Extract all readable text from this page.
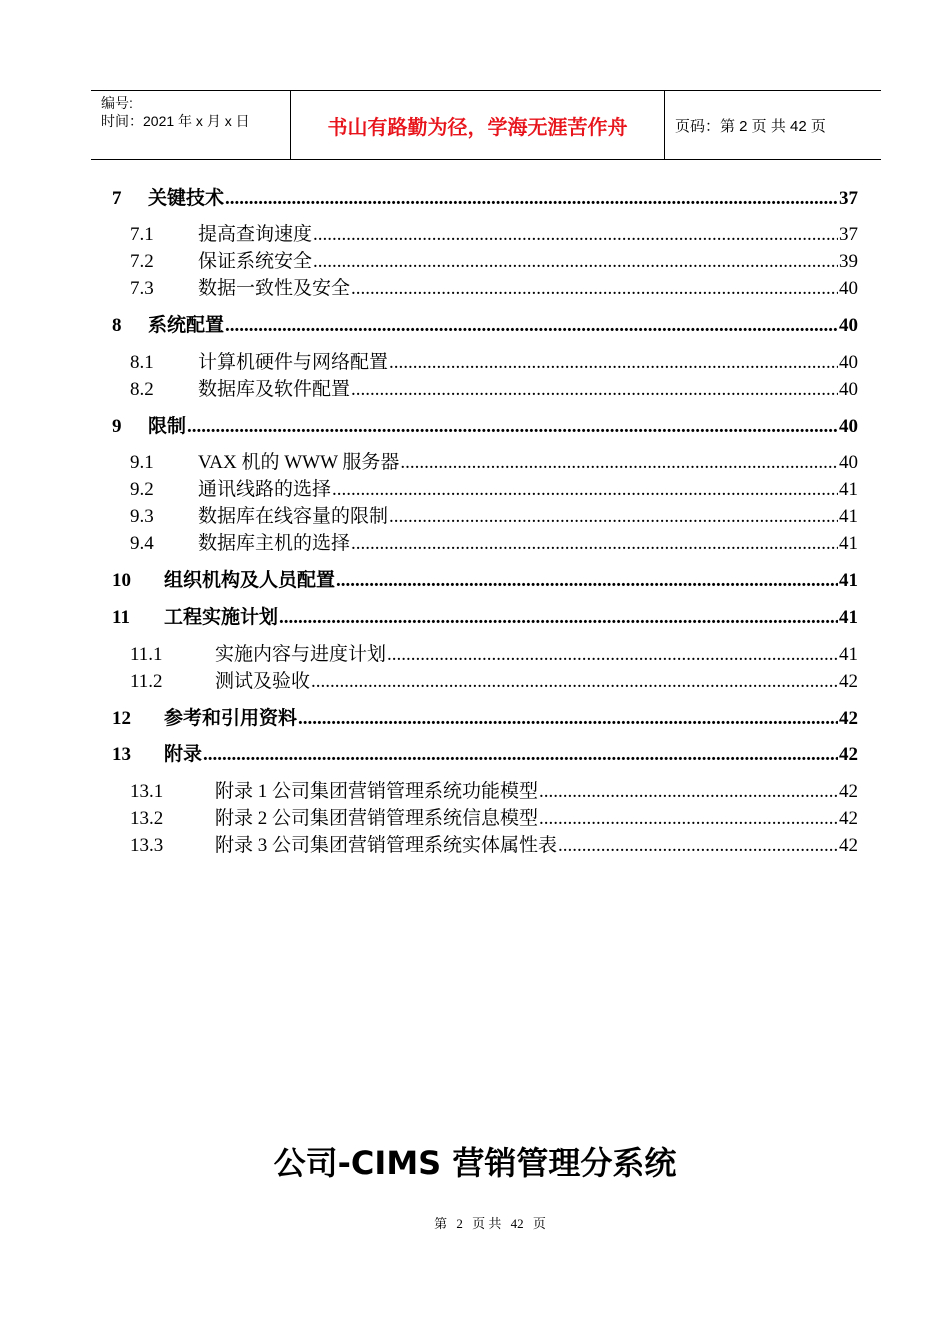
编号:
时间：2021 年 x 月 x 日	书山有路勤为径，学海无涯苦作舟	页码：第 2 页 共 42 页
7	关键技术 .....	37
7.1	提高查询速度 .....	37
7.2	保证系统安全 .....	39
7.3	数据一致性及安全 .....	40
8	系统配置 .....	40
8.1	计算机硬件与网络配置 .....	40
8.2	数据库及软件配置 .....	40
9	限制 .....	40
9.1	VAX 机的 WWW 服务器 .....	40
9.2	通讯线路的选择 .....	41
9.3	数据库在线容量的限制 .....	41
9.4	数据库主机的选择 .....	41
10	组织机构及人员配置 .....	41
11	工程实施计划 .....	41
11.1	实施内容与进度计划 .....	41
11.2	测试及验收 .....	42
12	参考和引用资料 .....	42
13	附录 .....	42
13.1	附录 1 公司集团营销管理系统功能模型 .....	42
13.2	附录 2 公司集团营销管理系统信息模型 .....	42
13.3	附录 3 公司集团营销管理系统实体属性表 .....	42
公司-CIMS 营销管理分系统
第 2 页 共 42 页
